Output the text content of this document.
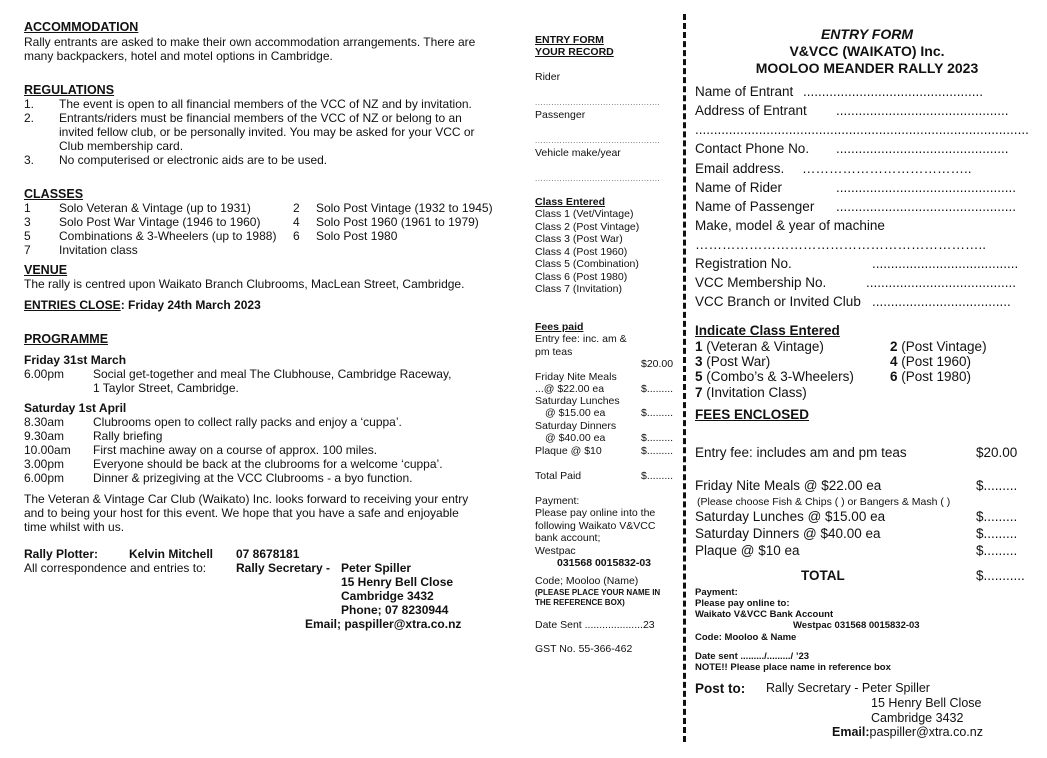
ACCOMMODATION
Rally entrants are asked to make their own accommodation arrangements. There are
many backpackers, hotel and motel options in Cambridge.
REGULATIONS
1. The event is open to all financial members of the VCC of NZ and by invitation.
2. Entrants/riders must be financial members of the VCC of NZ or belong to an
invited fellow club, or be personally invited. You may be asked for your VCC or
Club membership card.
3. No computerised or electronic aids are to be used.
CLASSES
1 Solo Veteran & Vintage (up to 1931)	2 Solo Post Vintage (1932 to 1945)
3 Solo Post War Vintage (1946 to 1960)	4 Solo Post 1960 (1961 to 1979)
5 Combinations & 3-Wheelers (up to 1988) 6 Solo Post 1980
7 Invitation class
VENUE
The rally is centred upon Waikato Branch Clubrooms, MacLean Street, Cambridge.
ENTRIES CLOSE: Friday 24th March 2023
PROGRAMME
Friday 31st March
6.00pm Social get-together and meal The Clubhouse, Cambridge Raceway,
1 Taylor Street, Cambridge.
Saturday 1st April
8.30am Clubrooms open to collect rally packs and enjoy a ‘cuppa’.
9.30am Rally briefing
10.00am First machine away on a course of approx. 100 miles.
3.00pm Everyone should be back at the clubrooms for a welcome ‘cuppa’.
6.00pm Dinner & prizegiving at the VCC Clubrooms - a byo function.
The Veteran & Vintage Car Club (Waikato) Inc. looks forward to receiving your entry
and to being your host for this event. We hope that you have a safe and enjoyable
time whilst with us.
Rally Plotter:	Kelvin Mitchell 07 8678181
All correspondence and entries to: Rally Secretary - Peter Spiller
15 Henry Bell Close
Cambridge 3432
Phone; 07 8230944
Email; paspiller@xtra.co.nz
ENTRY FORM
YOUR RECORD
Rider
..............................................
Passenger
..............................................
Vehicle make/year
..............................................
Class Entered
Class 1 (Vet/Vintage)
Class 2 (Post Vintage)
Class 3 (Post War)
Class 4 (Post 1960)
Class 5 (Combination)
Class 6 (Post 1980)
Class 7 (Invitation)
Fees paid
Entry fee: inc. am &
pm teas
$20.00
Friday Nite Meals
...@ $22.00 ea	$.........
Saturday Lunches
@ $15.00 ea	$.........
Saturday Dinners
@ $40.00 ea	$.........
Plaque @ $10	$.........
Total Paid	$.........
Payment:
Please pay online into the
following Waikato V&VCC
bank account;
Westpac
031568 0015832-03
Code; Mooloo (Name)
(PLEASE PLACE YOUR NAME IN
THE REFERENCE BOX)
Date Sent ....................23
GST No. 55-366-462
ENTRY FORM
V&VCC (WAIKATO) Inc.
MOOLOO MEANDER RALLY 2023
Name of Entrant ................................................
Address of Entrant ..............................................
.........................................................................................
Contact Phone No. ..............................................
Email address. ………………………………..
Name of Rider	................................................
Name of Passenger ................................................
Make, model & year of machine
………………………………………………………..
Registration No.	.......................................
VCC Membership No.	........................................
VCC Branch or Invited Club .....................................
Indicate Class Entered
1 (Veteran & Vintage)	2 (Post Vintage)
3 (Post War)	4 (Post 1960)
5 (Combo’s & 3-Wheelers)	6 (Post 1980)
7 (Invitation Class)
FEES ENCLOSED
Entry fee: includes am and pm teas	$20.00
Friday Nite Meals @ $22.00 ea	$.........
(Please choose Fish & Chips ( ) or Bangers & Mash ( )
Saturday Lunches @ $15.00 ea	$.........
Saturday Dinners @ $40.00 ea	$.........
Plaque @ $10 ea	$.........
TOTAL	$...........
Payment:
Please pay online to:
Waikato V&VCC Bank Account
Westpac 031568 0015832-03
Code: Mooloo & Name
Date sent ........./........./ ’23
NOTE!! Please place name in reference box
Post to: Rally Secretary - Peter Spiller
15 Henry Bell Close
Cambridge 3432
Email:paspiller@xtra.co.nz
